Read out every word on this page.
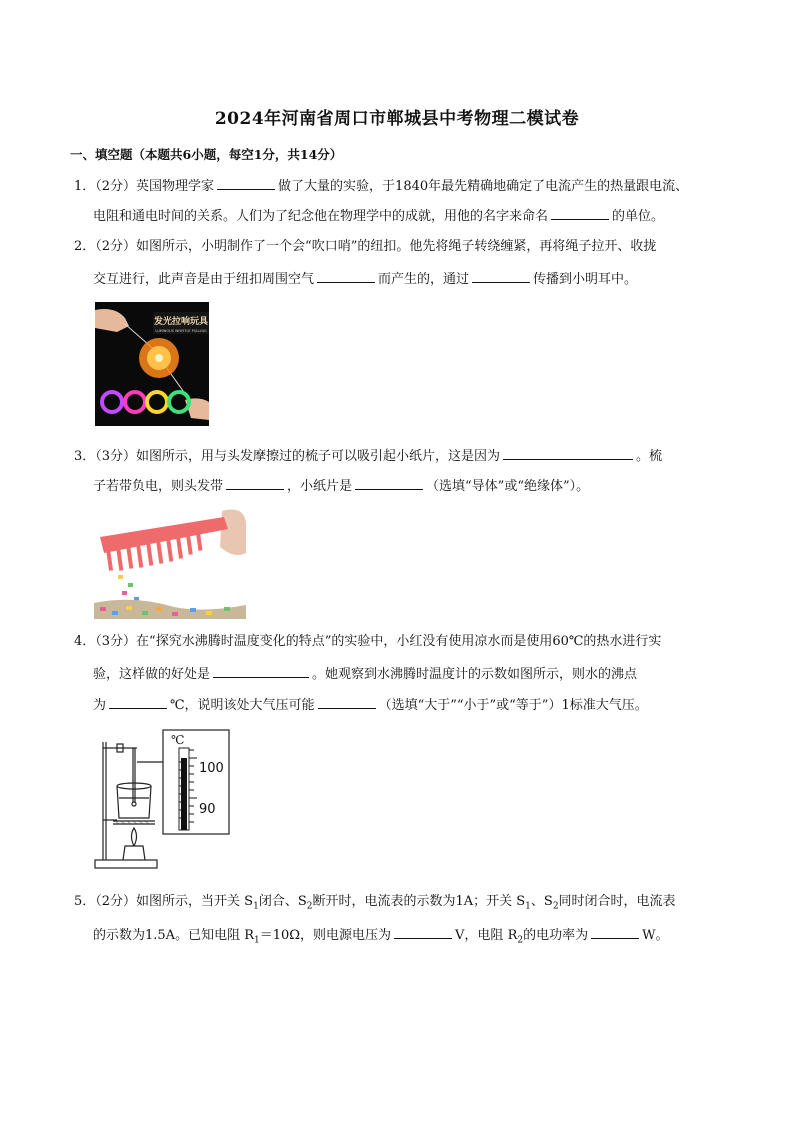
2024年河南省周口市郸城县中考物理二模试卷
一、填空题（本题共6小题，每空1分，共14分）
1．（2分）英国物理学家	做了大量的实验，于1840年最先精确地确定了电流产生的热量跟电流、
电阻和通电时间的关系。人们为了纪念他在物理学中的成就，用他的名字来命名	的单位。
2．（2分）如图所示，小明制作了一个会“吹口哨”的纽扣。他先将绳子转绕缠紧，再将绳子拉开、收拢
交互进行，此声音是由于纽扣周围空气	而产生的，通过	传播到小明耳中。
发光拉响玩具
LUMINOUS WHISTLE PULLING
3．（3分）如图所示，用与头发摩擦过的梳子可以吸引起小纸片，这是因为	。梳
子若带负电，则头发带	，小纸片是	（选填“导体”或“绝缘体”）。
4．（3分）在“探究水沸腾时温度变化的特点”的实验中，小红没有使用凉水而是使用60℃的热水进行实
验，这样做的好处是	。她观察到水沸腾时温度计的示数如图所示，则水的沸点
为	℃，说明该处大气压可能	（选填“大于”“小于”或“等于”）1标准大气压。
℃
100
90
5．（2分）如图所示，当开关 $S_1$闭合、$S_2$断开时，电流表的示数为1A；开关 $S_1$、$S_2$同时闭合时，电流表
的示数为1.5A。已知电阻 $R_1=10\Omega$，则电源电压为	V，电阻 $R_2$的电功率为	W。
